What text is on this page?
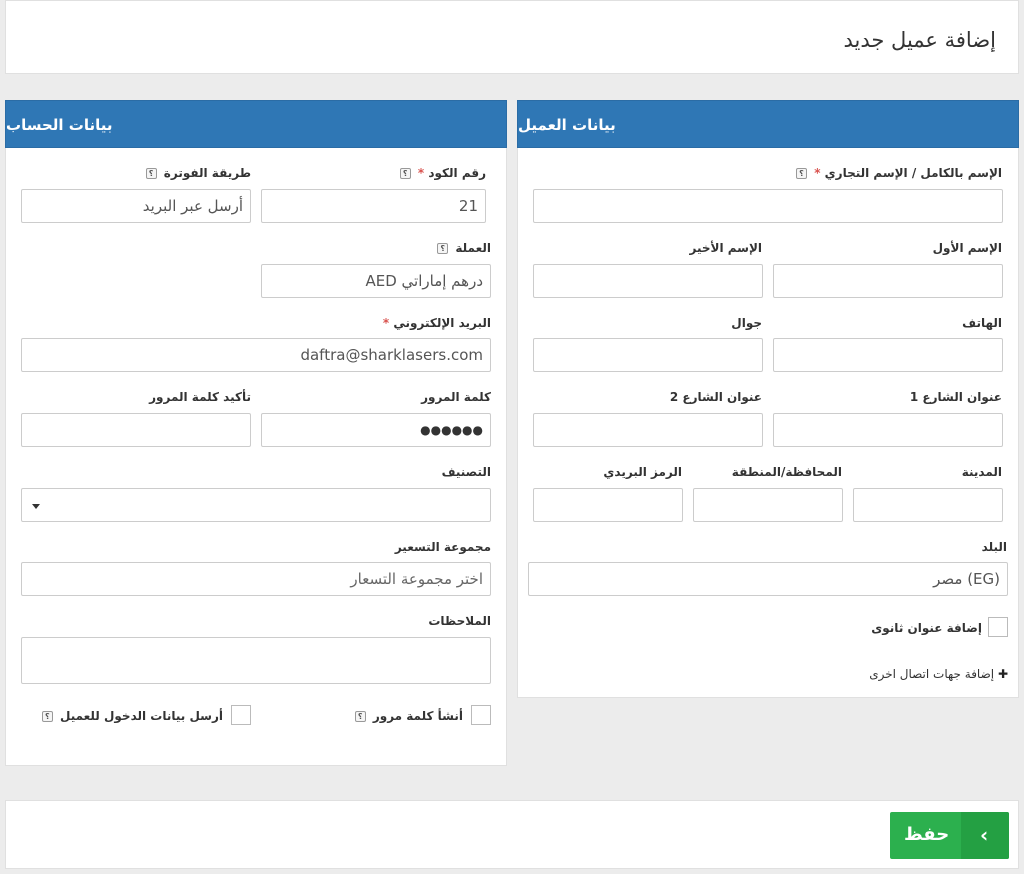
إضافة عميل جديد
بيانات العميل
بيانات الحساب
الإسم بالكامل / الإسم التجاري * ؟
الإسم الأول
الإسم الأخير
الهاتف
جوال
عنوان الشارع 1
عنوان الشارع 2
المدينة
المحافظة/المنطقة
الرمز البريدي
البلد
مصر (EG)
إضافة عنوان ثانوى
✚ إضافة جهات اتصال اخرى
رقم الكود * ؟
طريقة الفوترة ؟
21
أرسل عبر البريد
العملة ؟
AED درهم إماراتي
البريد الإلكتروني *
daftra@sharklasers.com
كلمة المرور
تأكيد كلمة المرور
●●●●●●
التصنيف
مجموعة التسعير
اختر مجموعة التسعار
الملاحظات
أنشأ كلمة مرور ؟
أرسل بيانات الدخول للعميل ؟
‹
حفظ
